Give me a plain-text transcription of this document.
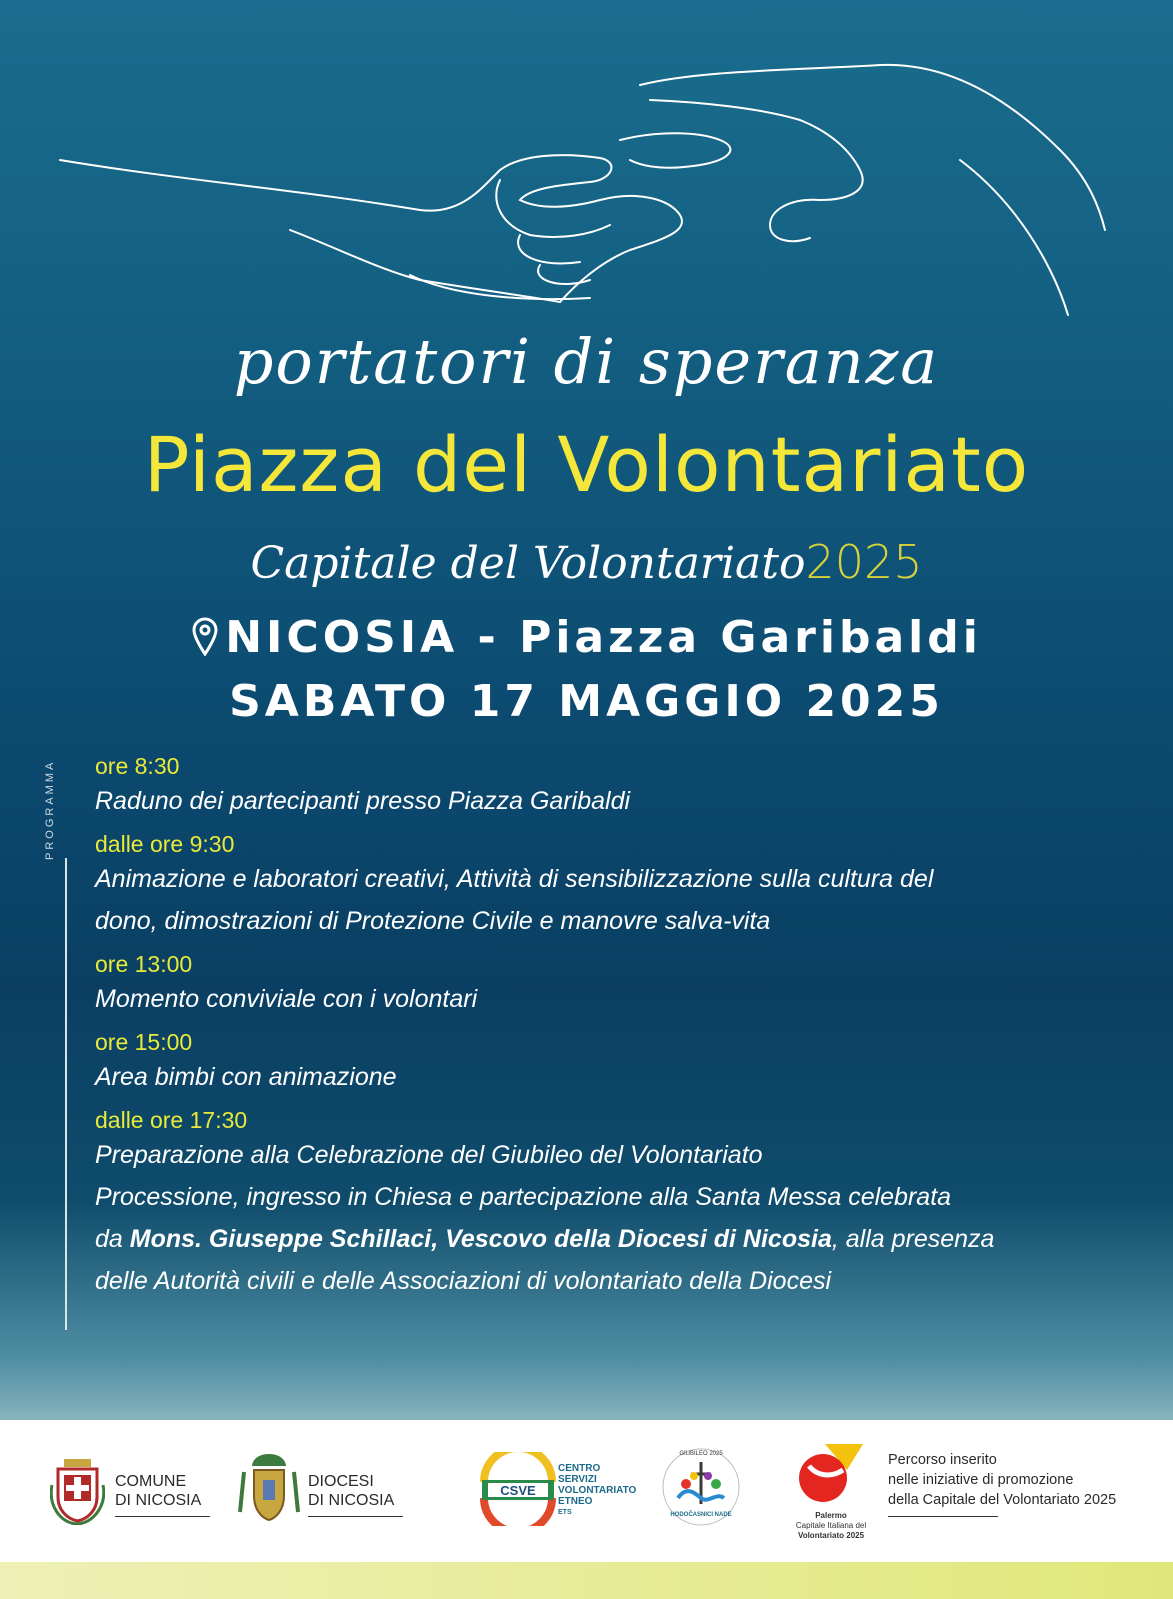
portatori di speranza
Piazza del Volontariato
Capitale del Volontariato2025
NICOSIA - Piazza Garibaldi
SABATO 17 MAGGIO 2025
PROGRAMMA ore 8:30
Raduno dei partecipanti presso Piazza Garibaldi
dalle ore 9:30
Animazione e laboratori creativi, Attività di sensibilizzazione sulla cultura del
dono, dimostrazioni di Protezione Civile e manovre salva-vita
ore 13:00
Momento conviviale con i volontari
ore 15:00
Area bimbi con animazione
dalle ore 17:30
Preparazione alla Celebrazione del Giubileo del Volontariato
Processione, ingresso in Chiesa e partecipazione alla Santa Messa celebrata
da Mons. Giuseppe Schillaci, Vescovo della Diocesi di Nicosia, alla presenza
delle Autorità civili e delle Associazioni di volontariato della Diocesi
COMUNE
DI NICOSIA
DIOCESI
DI NICOSIA
CSVE
CENTRO
SERVIZI
VOLONTARIATO
ETNEO
ETS
GIUBILEO 2025
HODOČASNICI NADE	Palermo
Capitale Italiana del
Volontariato 2025
Percorso inserito
nelle iniziative di promozione
della Capitale del Volontariato 2025
